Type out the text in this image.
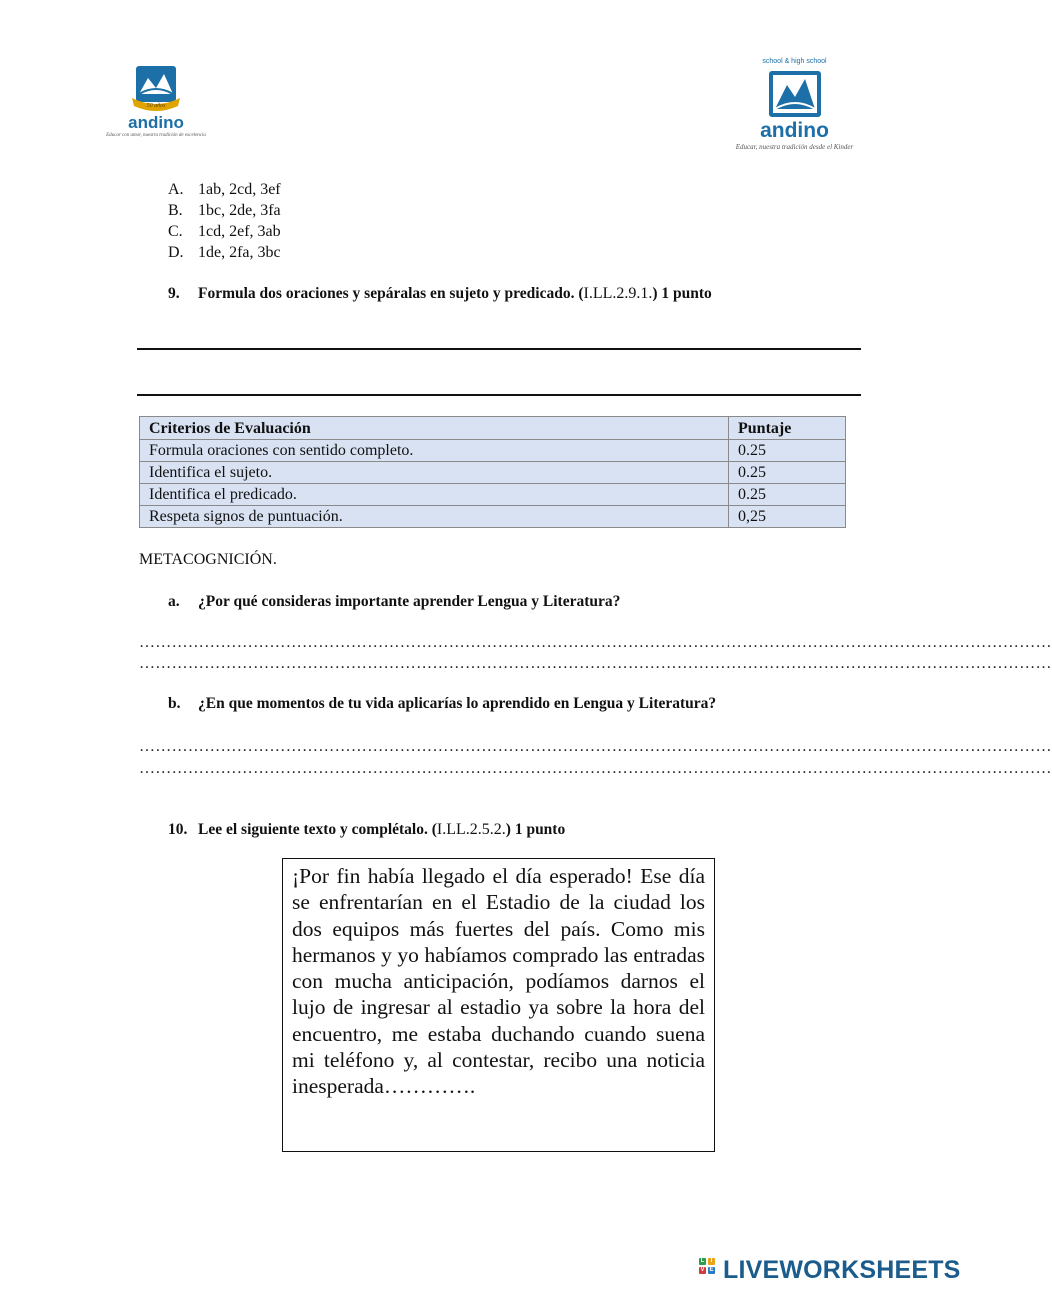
50 años
andino
Educar con amor, nuestra tradición de excelencia
school & high school
andino
Educar, nuestra tradición desde el Kinder
A. 1ab, 2cd, 3ef
B. 1bc, 2de, 3fa
C. 1cd, 2ef, 3ab
D. 1de, 2fa, 3bc
9. Formula dos oraciones y sepáralas en sujeto y predicado. (I.LL.2.9.1.) 1 punto
Criterios de Evaluación	Puntaje
Formula oraciones con sentido completo.	0.25
Identifica el sujeto.	0.25
Identifica el predicado.	0.25
Respeta signos de puntuación.	0,25
METACOGNICIÓN.
a. ¿Por qué consideras importante aprender Lengua y Literatura?
……………………………………………………………………………………………………………………………………………………
……………………………………………………………………………………………………………………………………………………
b. ¿En que momentos de tu vida aplicarías lo aprendido en Lengua y Literatura?
……………………………………………………………………………………………………………………………………………………
……………………………………………………………………………………………………………………………………………………
10. Lee el siguiente texto y complétalo. (I.LL.2.5.2.) 1 punto
¡Por fin había llegado el día esperado! Ese día se enfrentarían en el Estadio de la ciudad los dos equipos más fuertes del país. Como mis hermanos y yo habíamos comprado las entradas con mucha anticipación, podíamos darnos el lujo de ingresar al estadio ya sobre la hora del encuentro, me estaba duchando cuando suena mi teléfono y, al contestar, recibo una noticia inesperada………….
L	I
V E LIVEWORKSHEETS
